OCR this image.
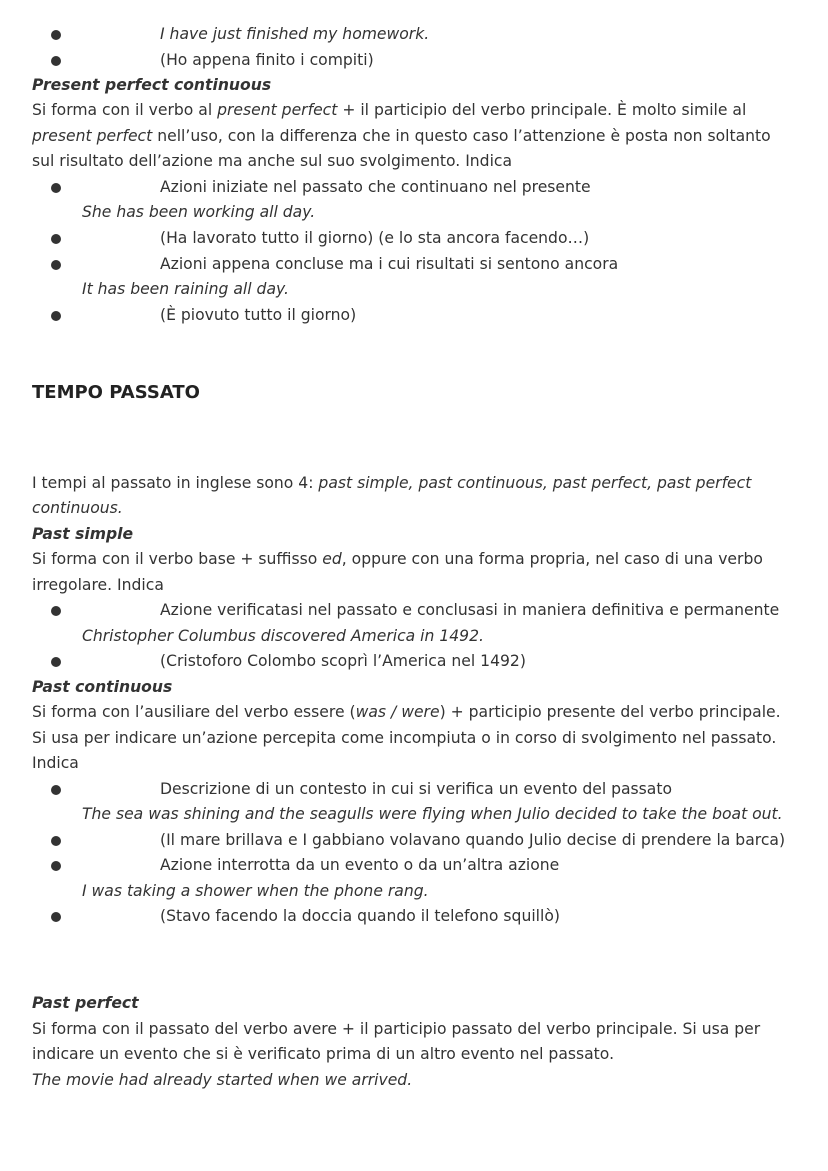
I have just finished my homework.
(Ho appena finito i compiti)
Present perfect continuous
Si forma con il verbo al present perfect + il participio del verbo principale. È molto simile al
present perfect nell’uso, con la differenza che in questo caso l’attenzione è posta non soltanto
sul risultato dell’azione ma anche sul suo svolgimento. Indica
Azioni iniziate nel passato che continuano nel presente
She has been working all day.
(Ha lavorato tutto il giorno) (e lo sta ancora facendo…)
Azioni appena concluse ma i cui risultati si sentono ancora
It has been raining all day.
(È piovuto tutto il giorno)
TEMPO PASSATO
I tempi al passato in inglese sono 4: past simple, past continuous, past perfect, past perfect
continuous.
Past simple
Si forma con il verbo base + suffisso ed, oppure con una forma propria, nel caso di una verbo
irregolare. Indica
Azione verificatasi nel passato e conclusasi in maniera definitiva e permanente
Christopher Columbus discovered America in 1492.
(Cristoforo Colombo scoprì l’America nel 1492)
Past continuous
Si forma con l’ausiliare del verbo essere (was / were) + participio presente del verbo principale.
Si usa per indicare un’azione percepita come incompiuta o in corso di svolgimento nel passato.
Indica
Descrizione di un contesto in cui si verifica un evento del passato
The sea was shining and the seagulls were flying when Julio decided to take the boat out.
(Il mare brillava e I gabbiano volavano quando Julio decise di prendere la barca)
Azione interrotta da un evento o da un’altra azione
I was taking a shower when the phone rang.
(Stavo facendo la doccia quando il telefono squillò)
Past perfect
Si forma con il passato del verbo avere + il participio passato del verbo principale. Si usa per
indicare un evento che si è verificato prima di un altro evento nel passato.
The movie had already started when we arrived.
